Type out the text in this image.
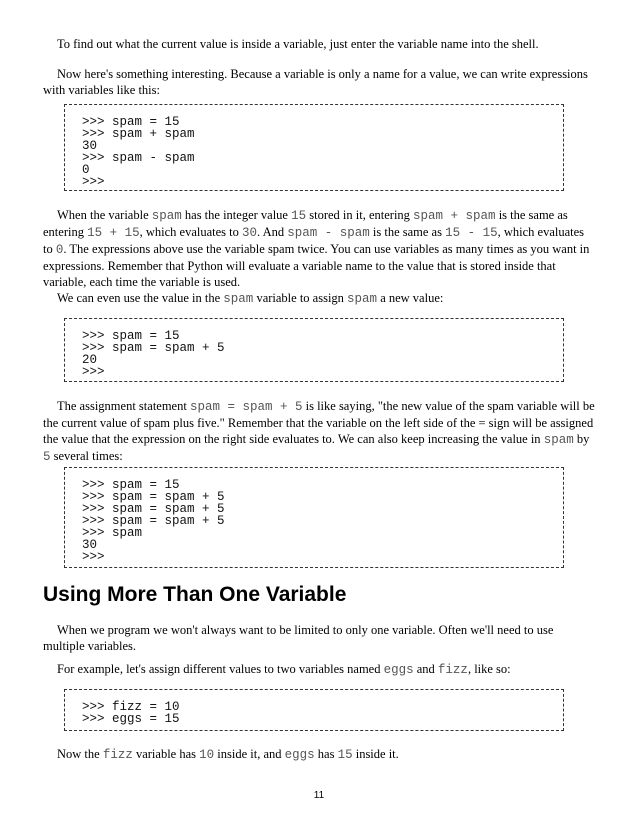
To find out what the current value is inside a variable, just enter the variable name into the shell.

Now here's something interesting. Because a variable is only a name for a value, we can write expressions with variables like this:

>>> spam = 15
>>> spam + spam
30
>>> spam - spam
0
>>>

When the variable spam has the integer value 15 stored in it, entering spam + spam is the same as entering 15 + 15, which evaluates to 30. And spam - spam is the same as 15 - 15, which evaluates to 0. The expressions above use the variable spam twice. You can use variables as many times as you want in expressions. Remember that Python will evaluate a variable name to the value that is stored inside that variable, each time the variable is used.

We can even use the value in the spam variable to assign spam a new value:

>>> spam = 15
>>> spam = spam + 5
20
>>>

The assignment statement spam = spam + 5 is like saying, "the new value of the spam variable will be the current value of spam plus five." Remember that the variable on the left side of the = sign will be assigned the value that the expression on the right side evaluates to. We can also keep increasing the value in spam by 5 several times:

>>> spam = 15
>>> spam = spam + 5
>>> spam = spam + 5
>>> spam = spam + 5
>>> spam
30
>>>
Using More Than One Variable

When we program we won't always want to be limited to only one variable. Often we'll need to use multiple variables.

For example, let's assign different values to two variables named eggs and fizz, like so:

>>> fizz = 10
>>> eggs = 15

Now the fizz variable has 10 inside it, and eggs has 15 inside it.

11
